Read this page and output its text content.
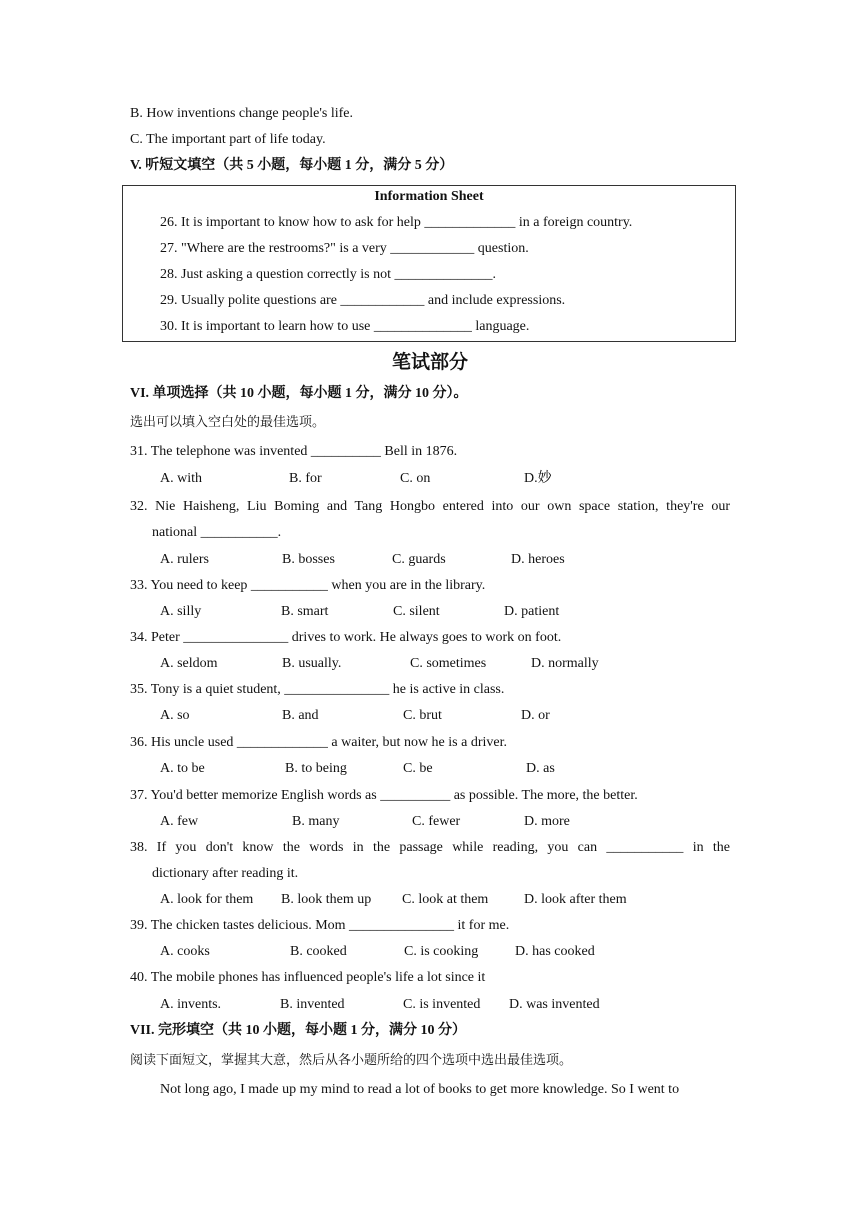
B. How inventions change people's life.
C. The important part of life today.
V. 听短文填空（共 5 小题，每小题 1 分，满分 5 分）
Information Sheet
26. It is important to know how to ask for help _____________ in a foreign country.
27. "Where are the restrooms?" is a very ____________ question.
28. Just asking a question correctly is not ______________.
29. Usually polite questions are ____________ and include expressions.
30. It is important to learn how to use ______________ language.
笔试部分
VI. 单项选择（共 10 小题，每小题 1 分，满分 10 分）。
选出可以填入空白处的最佳选项。
31. The telephone was invented __________ Bell in 1876.
A. with	B. for	C. on	D.妙
32. Nie Haisheng, Liu Boming and Tang Hongbo entered into our own space station, they're our
national ___________.
A. rulers	B. bosses	C. guards	D. heroes
33. You need to keep ___________ when you are in the library.
A. silly	B. smart	C. silent	D. patient
34. Peter _______________ drives to work. He always goes to work on foot.
A. seldom	B. usually.	C. sometimes	D. normally
35. Tony is a quiet student, _______________ he is active in class.
A. so	B. and	C. brut	D. or
36. His uncle used _____________ a waiter, but now he is a driver.
A. to be	B. to being	C. be	D. as
37. You'd better memorize English words as __________ as possible. The more, the better.
A. few	B. many	C. fewer	D. more
38. If you don't know the words in the passage while reading, you can ___________ in the
dictionary after reading it.
A. look for them B. look them up C. look at them	D. look after them
39. The chicken tastes delicious. Mom _______________ it for me.
A. cooks	B. cooked	C. is cooking	D. has cooked
40. The mobile phones has influenced people's life a lot since it
A. invents.	B. invented	C. is invented D. was invented
VII. 完形填空（共 10 小题，每小题 1 分，满分 10 分）
阅读下面短文，掌握其大意，然后从各小题所给的四个选项中选出最佳选项。
Not long ago, I made up my mind to read a lot of books to get more knowledge. So I went to
